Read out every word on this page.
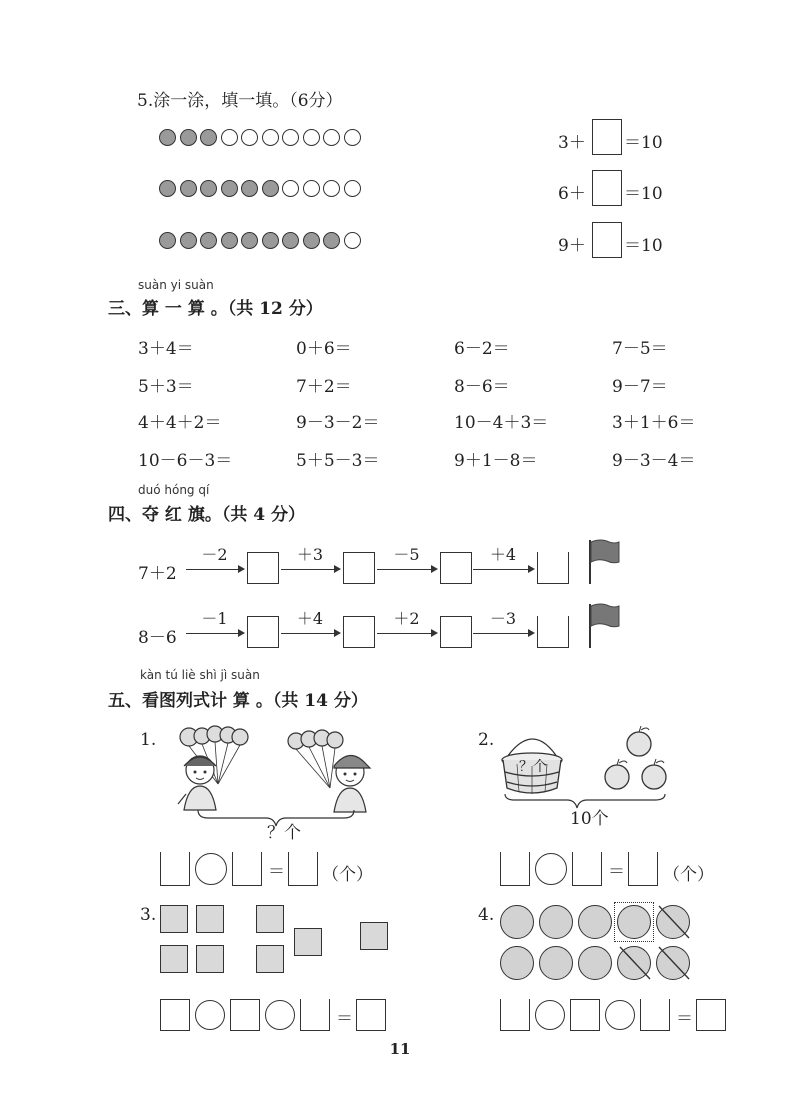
5.涂一涂，填一填。（6分）
3＋ ＝10
6＋ ＝10
9＋ ＝10
suàn yi suàn
三、算 一 算 。（共 12 分）
3＋4＝	0＋6＝	6－2＝	7－5＝
5＋3＝	7＋2＝	8－6＝	9－7＝
4＋4＋2＝	9－3－2＝	10－4＋3＝	3＋1＋6＝
10－6－3＝	5＋5－3＝	9＋1－8＝	9－3－4＝
duó hóng qí
四、夺 红 旗。（共 4 分）
7＋2
－2	＋3	－5	＋4
8－6
－1	＋4	＋2	－3
kàn tú liè shì jì suàn
五、看图列式计 算 。（共 14 分）
1.
？个
＝ （个）
2.
？个
10个
＝ （个）
3.
＝
4.
＝
11
